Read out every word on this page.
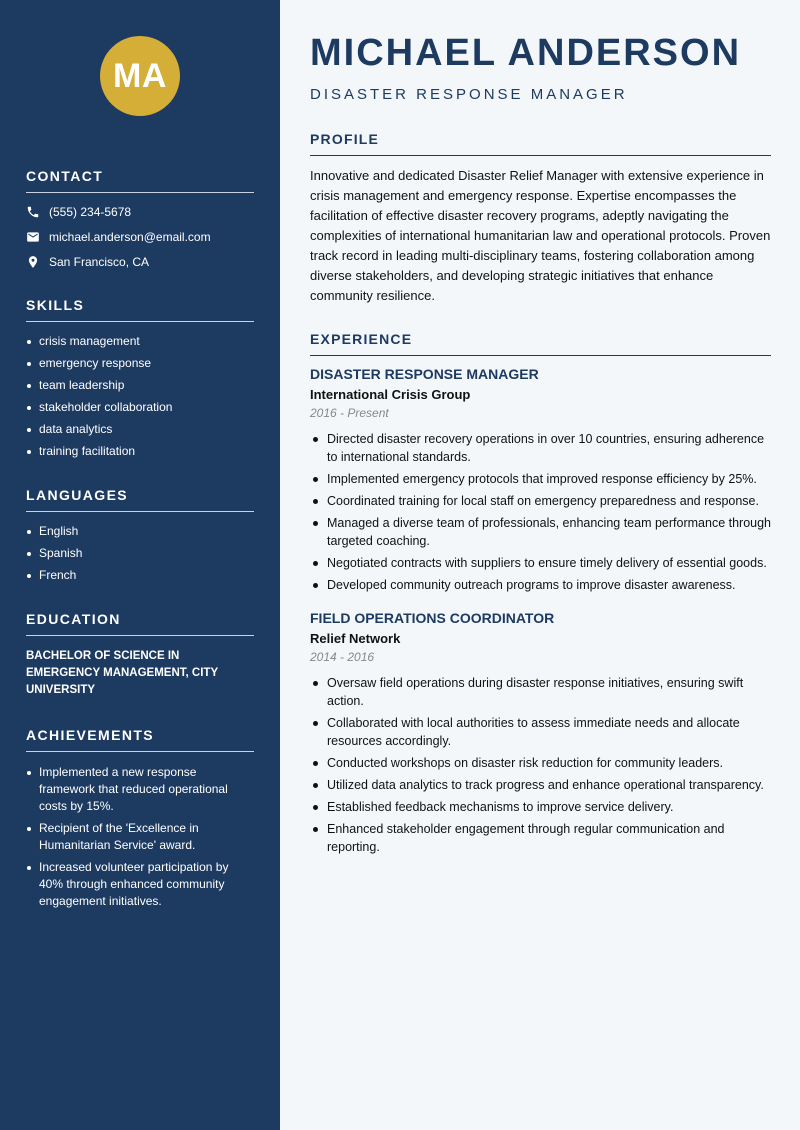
MA
CONTACT
(555) 234-5678
michael.anderson@email.com
San Francisco, CA
SKILLS
crisis management
emergency response
team leadership
stakeholder collaboration
data analytics
training facilitation
LANGUAGES
English
Spanish
French
EDUCATION

BACHELOR OF SCIENCE IN EMERGENCY MANAGEMENT, CITY UNIVERSITY

ACHIEVEMENTS
Implemented a new response framework that reduced operational costs by 15%.
Recipient of the 'Excellence in Humanitarian Service' award.
Increased volunteer participation by 40% through enhanced community engagement initiatives.
MICHAEL ANDERSON

DISASTER RESPONSE MANAGER

PROFILE

Innovative and dedicated Disaster Relief Manager with extensive experience in crisis management and emergency response. Expertise encompasses the facilitation of effective disaster recovery programs, adeptly navigating the complexities of international humanitarian law and operational protocols. Proven track record in leading multi-disciplinary teams, fostering collaboration among diverse stakeholders, and developing strategic initiatives that enhance community resilience.

EXPERIENCE

DISASTER RESPONSE MANAGER

International Crisis Group

2016 - Present

Directed disaster recovery operations in over 10 countries, ensuring adherence to international standards.
Implemented emergency protocols that improved response efficiency by 25%.
Coordinated training for local staff on emergency preparedness and response.
Managed a diverse team of professionals, enhancing team performance through targeted coaching.
Negotiated contracts with suppliers to ensure timely delivery of essential goods.
Developed community outreach programs to improve disaster awareness.

FIELD OPERATIONS COORDINATOR

Relief Network

2014 - 2016

Oversaw field operations during disaster response initiatives, ensuring swift action.
Collaborated with local authorities to assess immediate needs and allocate resources accordingly.
Conducted workshops on disaster risk reduction for community leaders.
Utilized data analytics to track progress and enhance operational transparency.
Established feedback mechanisms to improve service delivery.
Enhanced stakeholder engagement through regular communication and reporting.
